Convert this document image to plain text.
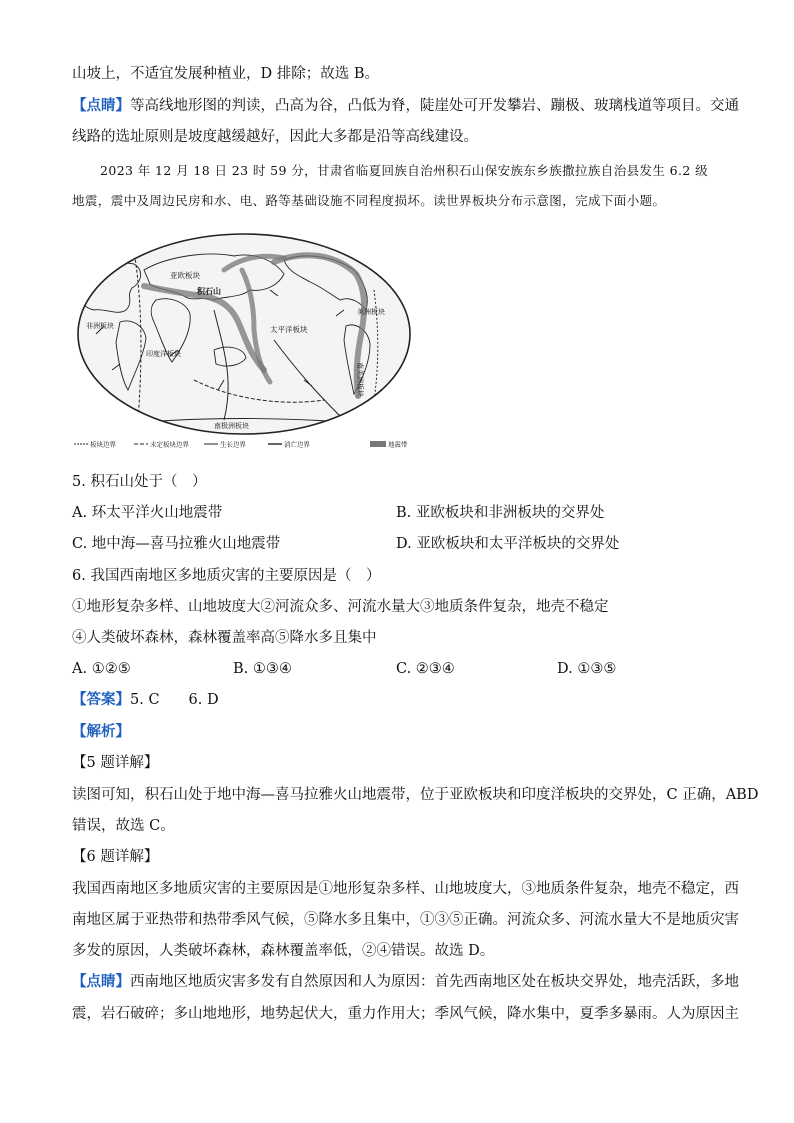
山坡上，不适宜发展种植业，D 排除；故选 B。
【点睛】等高线地形图的判读，凸高为谷，凸低为脊，陡崖处可开发攀岩、蹦极、玻璃栈道等项目。交通
线路的选址原则是坡度越缓越好，因此大多都是沿等高线建设。
2023 年 12 月 18 日 23 时 59 分，甘肃省临夏回族自治州积石山保安族东乡族撒拉族自治县发生 6.2 级
地震，震中及周边民房和水、电、路等基础设施不同程度损坏。读世界板块分布示意图，完成下面小题。
亚欧板块
积石山
非洲板块
印度洋板块
太平洋板块
美洲板块
南美洲板块
南极洲板块
板块边界	未定板块边界	生长边界	消亡边界	地震带
5. 积石山处于（　）
A. 环太平洋火山地震带	B. 亚欧板块和非洲板块的交界处
C. 地中海—喜马拉雅火山地震带	D. 亚欧板块和太平洋板块的交界处
6. 我国西南地区多地质灾害的主要原因是（　）
①地形复杂多样、山地坡度大②河流众多、河流水量大③地质条件复杂，地壳不稳定
④人类破坏森林，森林覆盖率高⑤降水多且集中
A. ①②⑤	B. ①③④	C. ②③④	D. ①③⑤
【答案】5. C　　6. D
【解析】
【5 题详解】
读图可知，积石山处于地中海—喜马拉雅火山地震带，位于亚欧板块和印度洋板块的交界处，C 正确，ABD
错误，故选 C。
【6 题详解】
我国西南地区多地质灾害的主要原因是①地形复杂多样、山地坡度大，③地质条件复杂，地壳不稳定，西
南地区属于亚热带和热带季风气候，⑤降水多且集中，①③⑤正确。河流众多、河流水量大不是地质灾害
多发的原因，人类破坏森林，森林覆盖率低，②④错误。故选 D。
【点睛】西南地区地质灾害多发有自然原因和人为原因：首先西南地区处在板块交界处，地壳活跃，多地
震，岩石破碎；多山地地形，地势起伏大，重力作用大；季风气候，降水集中，夏季多暴雨。人为原因主
